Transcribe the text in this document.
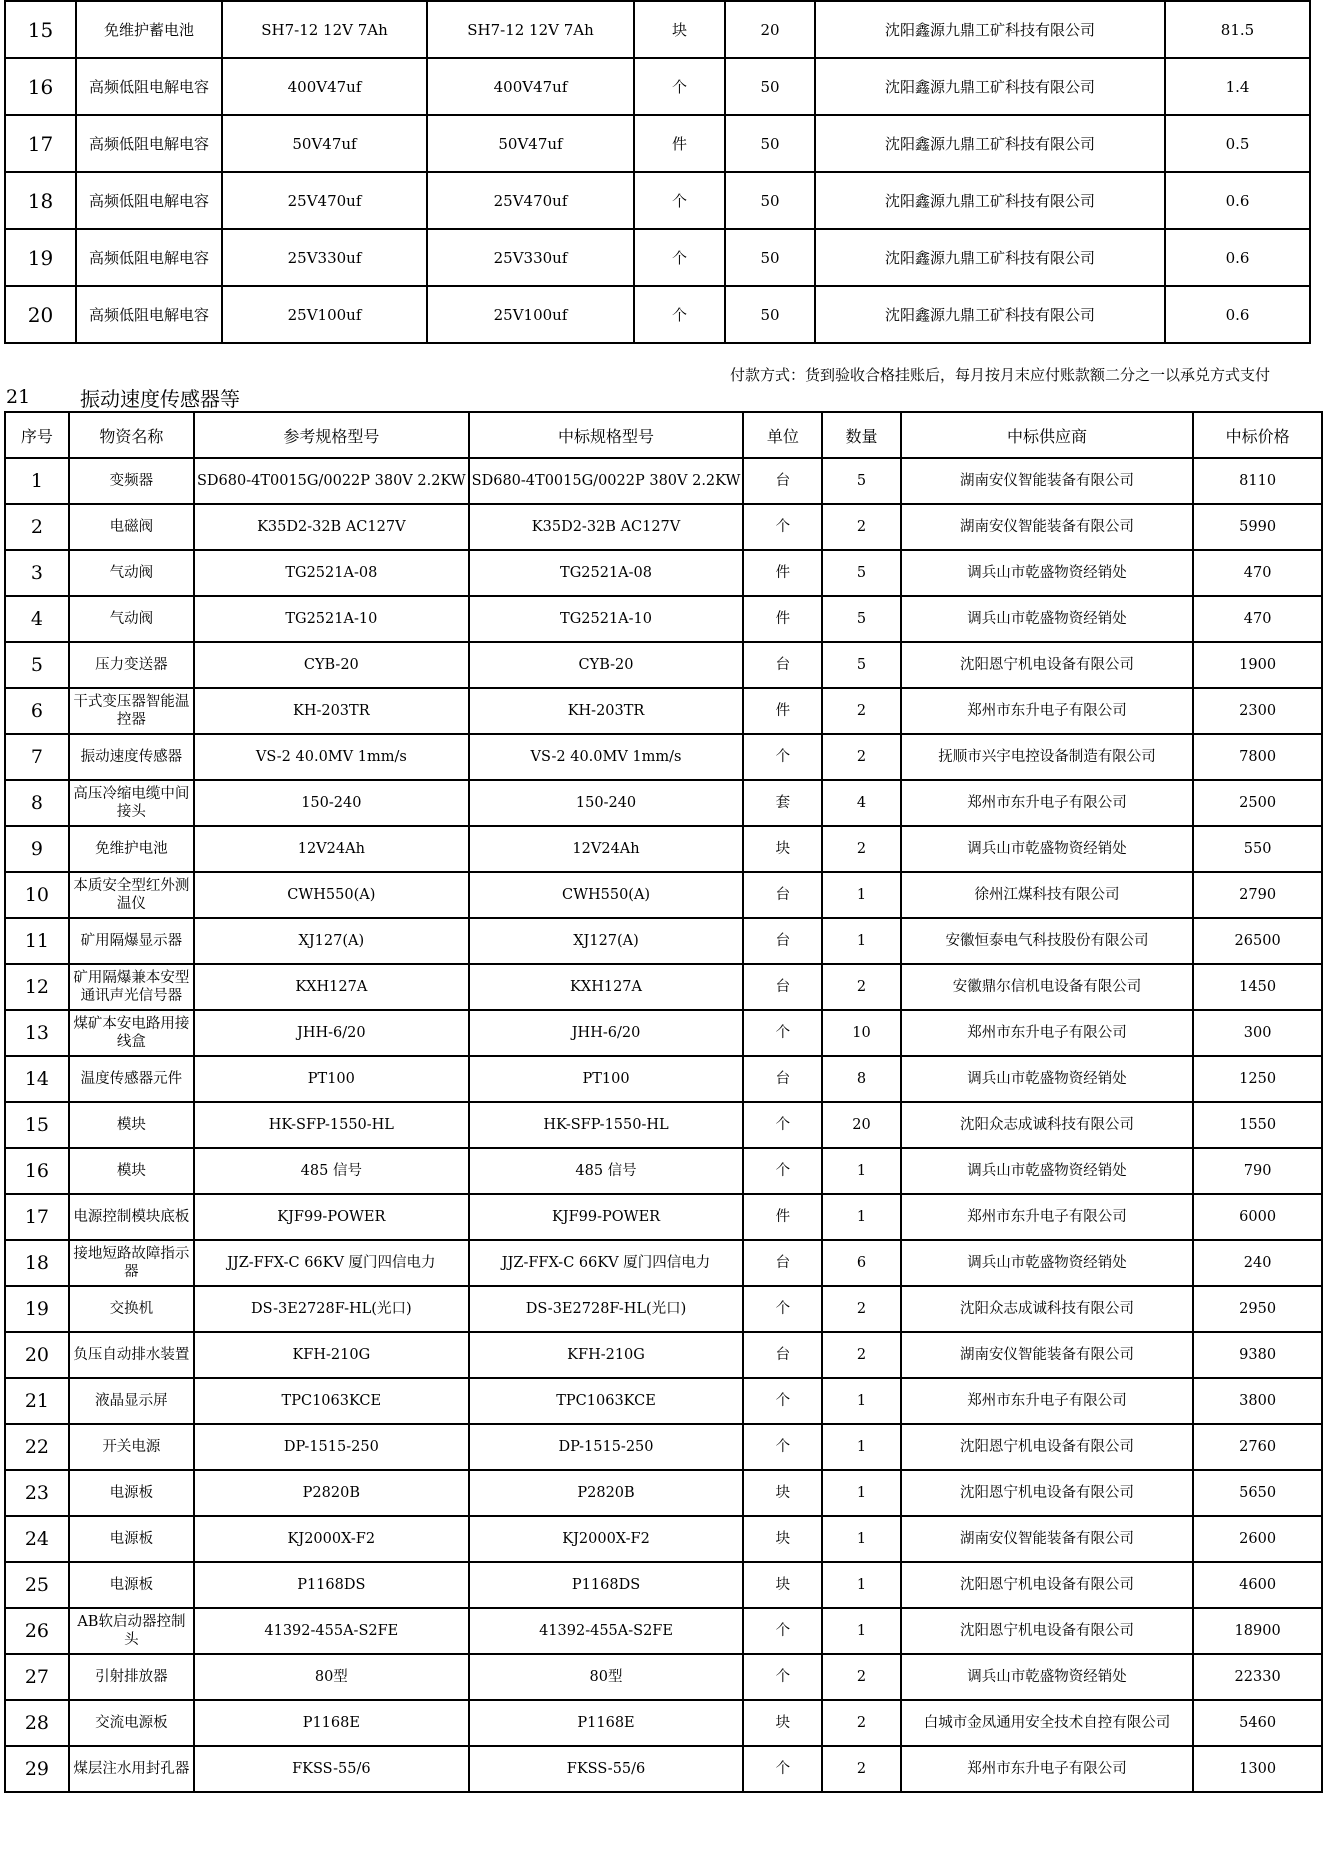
15	免维护蓄电池	SH7-12 12V 7Ah	SH7-12 12V 7Ah	块	20	沈阳鑫源九鼎工矿科技有限公司	81.5
16	高频低阻电解电容	400V47uf	400V47uf	个	50	沈阳鑫源九鼎工矿科技有限公司	1.4
17	高频低阻电解电容	50V47uf	50V47uf	件	50	沈阳鑫源九鼎工矿科技有限公司	0.5
18	高频低阻电解电容	25V470uf	25V470uf	个	50	沈阳鑫源九鼎工矿科技有限公司	0.6
19	高频低阻电解电容	25V330uf	25V330uf	个	50	沈阳鑫源九鼎工矿科技有限公司	0.6
20	高频低阻电解电容	25V100uf	25V100uf	个	50	沈阳鑫源九鼎工矿科技有限公司	0.6
21 振动速度传感器等
付款方式：货到验收合格挂账后，每月按月末应付账款额二分之一以承兑方式支付
序号	物资名称	参考规格型号	中标规格型号	单位	数量	中标供应商	中标价格
1	变频器	SD680-4T0015G/0022P 380V 2.2KW	SD680-4T0015G/0022P 380V 2.2KW	台	5	湖南安仪智能装备有限公司	8110
2	电磁阀	K35D2-32B AC127V	K35D2-32B AC127V	个	2	湖南安仪智能装备有限公司	5990
3	气动阀	TG2521A-08	TG2521A-08	件	5	调兵山市乾盛物资经销处	470
4	气动阀	TG2521A-10	TG2521A-10	件	5	调兵山市乾盛物资经销处	470
5	压力变送器	CYB-20	CYB-20	台	5	沈阳恩宁机电设备有限公司	1900
6	干式变压器智能温控器	KH-203TR	KH-203TR	件	2	郑州市东升电子有限公司	2300
7	振动速度传感器	VS-2 40.0MV 1mm/s	VS-2 40.0MV 1mm/s	个	2	抚顺市兴宇电控设备制造有限公司	7800
8	高压冷缩电缆中间接头	150-240	150-240	套	4	郑州市东升电子有限公司	2500
9	免维护电池	12V24Ah	12V24Ah	块	2	调兵山市乾盛物资经销处	550
10	本质安全型红外测温仪	CWH550(A)	CWH550(A)	台	1	徐州江煤科技有限公司	2790
11	矿用隔爆显示器	XJ127(A)	XJ127(A)	台	1	安徽恒泰电气科技股份有限公司	26500
12	矿用隔爆兼本安型通讯声光信号器	KXH127A	KXH127A	台	2	安徽鼎尔信机电设备有限公司	1450
13	煤矿本安电路用接线盒	JHH-6/20	JHH-6/20	个	10	郑州市东升电子有限公司	300
14	温度传感器元件	PT100	PT100	台	8	调兵山市乾盛物资经销处	1250
15	模块	HK-SFP-1550-HL	HK-SFP-1550-HL	个	20	沈阳众志成诚科技有限公司	1550
16	模块	485 信号	485 信号	个	1	调兵山市乾盛物资经销处	790
17	电源控制模块底板	KJF99-POWER	KJF99-POWER	件	1	郑州市东升电子有限公司	6000
18	接地短路故障指示器	JJZ-FFX-C 66KV 厦门四信电力	JJZ-FFX-C 66KV 厦门四信电力	台	6	调兵山市乾盛物资经销处	240
19	交换机	DS-3E2728F-HL(光口)	DS-3E2728F-HL(光口)	个	2	沈阳众志成诚科技有限公司	2950
20	负压自动排水装置	KFH-210G	KFH-210G	台	2	湖南安仪智能装备有限公司	9380
21	液晶显示屏	TPC1063KCE	TPC1063KCE	个	1	郑州市东升电子有限公司	3800
22	开关电源	DP-1515-250	DP-1515-250	个	1	沈阳恩宁机电设备有限公司	2760
23	电源板	P2820B	P2820B	块	1	沈阳恩宁机电设备有限公司	5650
24	电源板	KJ2000X-F2	KJ2000X-F2	块	1	湖南安仪智能装备有限公司	2600
25	电源板	P1168DS	P1168DS	块	1	沈阳恩宁机电设备有限公司	4600
26	AB软启动器控制头	41392-455A-S2FE	41392-455A-S2FE	个	1	沈阳恩宁机电设备有限公司	18900
27	引射排放器	80型	80型	个	2	调兵山市乾盛物资经销处	22330
28	交流电源板	P1168E	P1168E	块	2	白城市金凤通用安全技术自控有限公司	5460
29	煤层注水用封孔器	FKSS-55/6	FKSS-55/6	个	2	郑州市东升电子有限公司	1300
